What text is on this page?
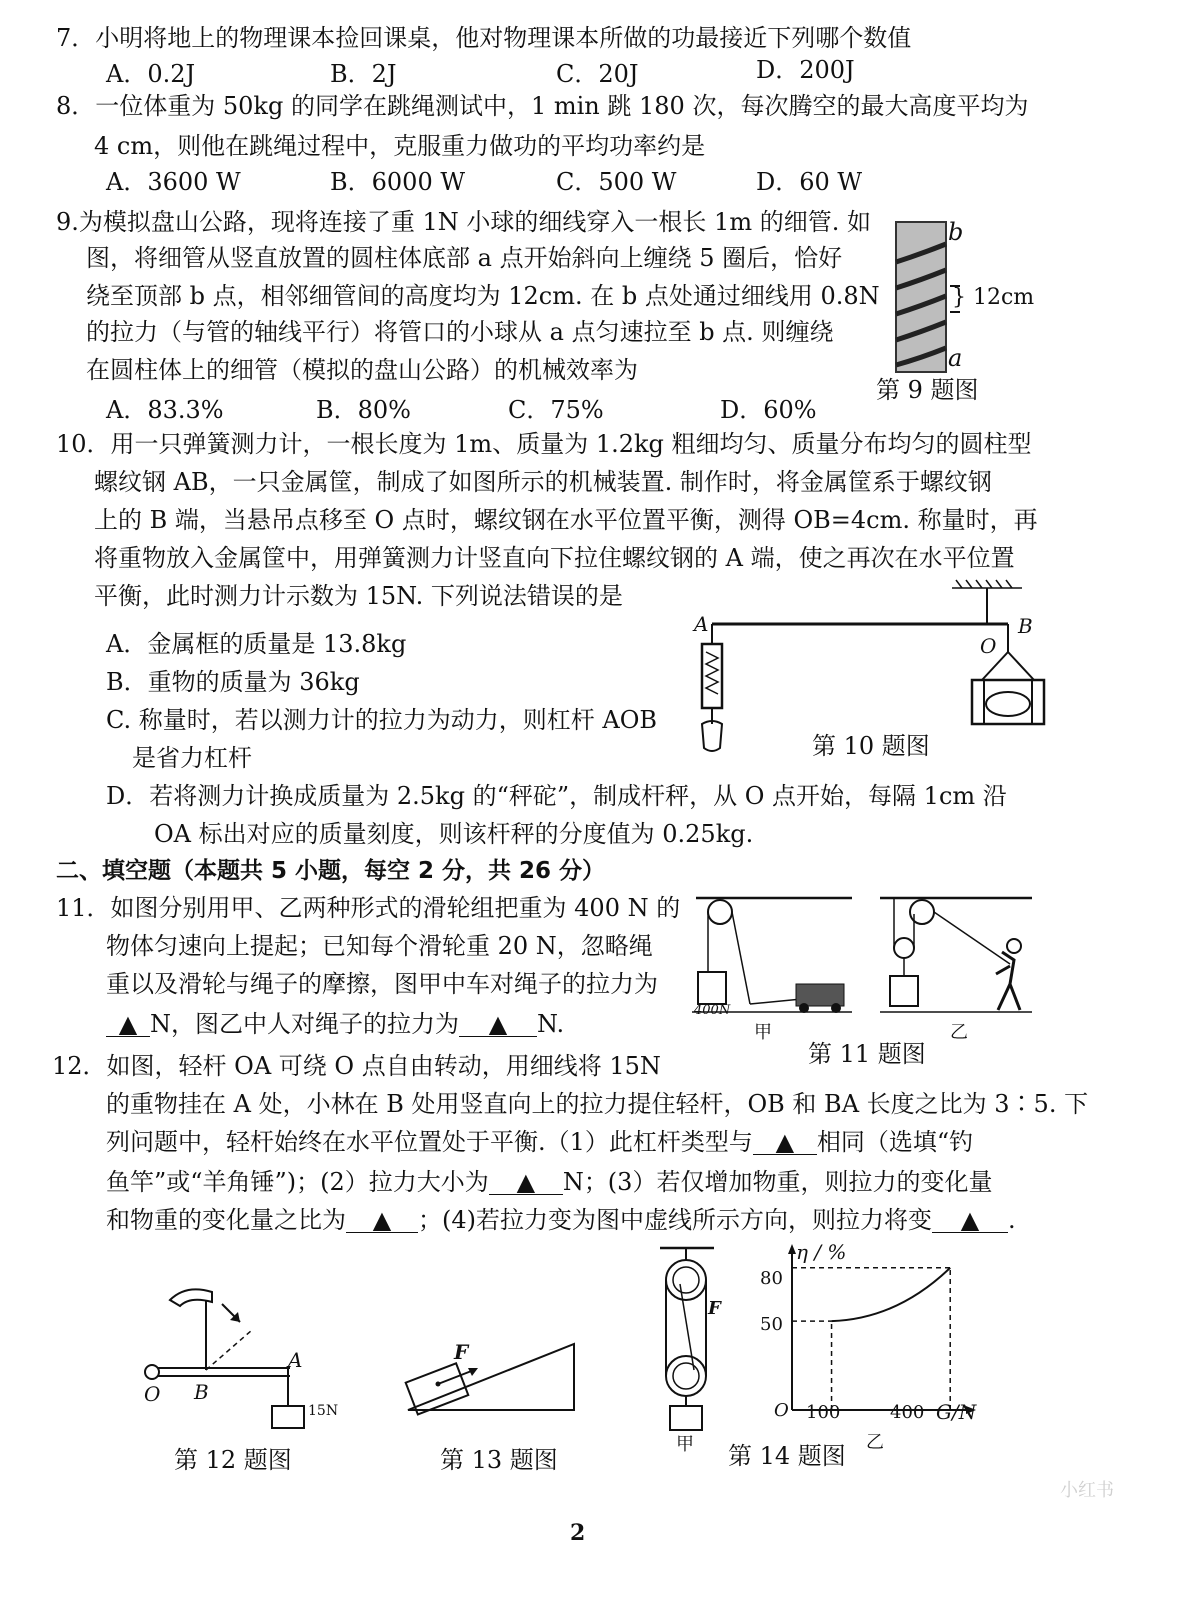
7．小明将地上的物理课本捡回课桌，他对物理课本所做的功最接近下列哪个数值
A．0.2J	B．2J	C．20J	D．200J
8．一位体重为 50kg 的同学在跳绳测试中，1 min 跳 180 次，每次腾空的最大高度平均为
4 cm，则他在跳绳过程中，克服重力做功的平均功率约是
A．3600 W	B．6000 W	C．500 W	D．60 W
9.为模拟盘山公路，现将连接了重 1N 小球的细线穿入一根长 1m 的细管. 如
图，将细管从竖直放置的圆柱体底部 a 点开始斜向上缠绕 5 圈后，恰好
绕至顶部 b 点，相邻细管间的高度均为 12cm. 在 b 点处通过细线用 0.8N
的拉力（与管的轴线平行）将管口的小球从 a 点匀速拉至 b 点. 则缠绕
在圆柱体上的细管（模拟的盘山公路）的机械效率为
A．83.3%	B．80%	C．75%	D．60%
b
a
} 12cm
第 9 题图
10．用一只弹簧测力计，一根长度为 1m、质量为 1.2kg 粗细均匀、质量分布均匀的圆柱型
螺纹钢 AB，一只金属筐，制成了如图所示的机械装置. 制作时，将金属筐系于螺纹钢
上的 B 端，当悬吊点移至 O 点时，螺纹钢在水平位置平衡，测得 OB=4cm. 称量时，再
将重物放入金属筐中，用弹簧测力计竖直向下拉住螺纹钢的 A 端，使之再次在水平位置
平衡，此时测力计示数为 15N. 下列说法错误的是
A．金属框的质量是 13.8kg
B．重物的质量为 36kg
C. 称量时，若以测力计的拉力为动力，则杠杆 AOB
是省力杠杆
D．若将测力计换成质量为 2.5kg 的“秤砣”，制成杆秤，从 O 点开始，每隔 1cm 沿
OA 标出对应的质量刻度，则该杆秤的分度值为 0.25kg.
A
O
B
第 10 题图
二、填空题（本题共 5 小题，每空 2 分，共 26 分）
11．如图分别用甲、乙两种形式的滑轮组把重为 400 N 的
物体匀速向上提起；已知每个滑轮重 20 N，忽略绳
重以及滑轮与绳子的摩擦，图甲中车对绳子的拉力为
▲ N，图乙中人对绳子的拉力为 ▲ N.	400N
甲	乙
第 11 题图
12．如图，轻杆 OA 可绕 O 点自由转动，用细线将 15N
的重物挂在 A 处，小林在 B 处用竖直向上的拉力提住轻杆，OB 和 BA 长度之比为 3∶5. 下
列问题中，轻杆始终在水平位置处于平衡.（1）此杠杆类型与 ▲ 相同（选填“钓
鱼竿”或“羊角锤”)；(2）拉力大小为 ▲ N；(3）若仅增加物重，则拉力的变化量
和物重的变化量之比为 ▲ ；(4)若拉力变为图中虚线所示方向，则拉力将变 ▲ .
O B
A
15N
第 12 题图
F
第 13 题图
F
甲
η / %
G/N
80
50
O 100	400
乙
第 14 题图
2
小红书
